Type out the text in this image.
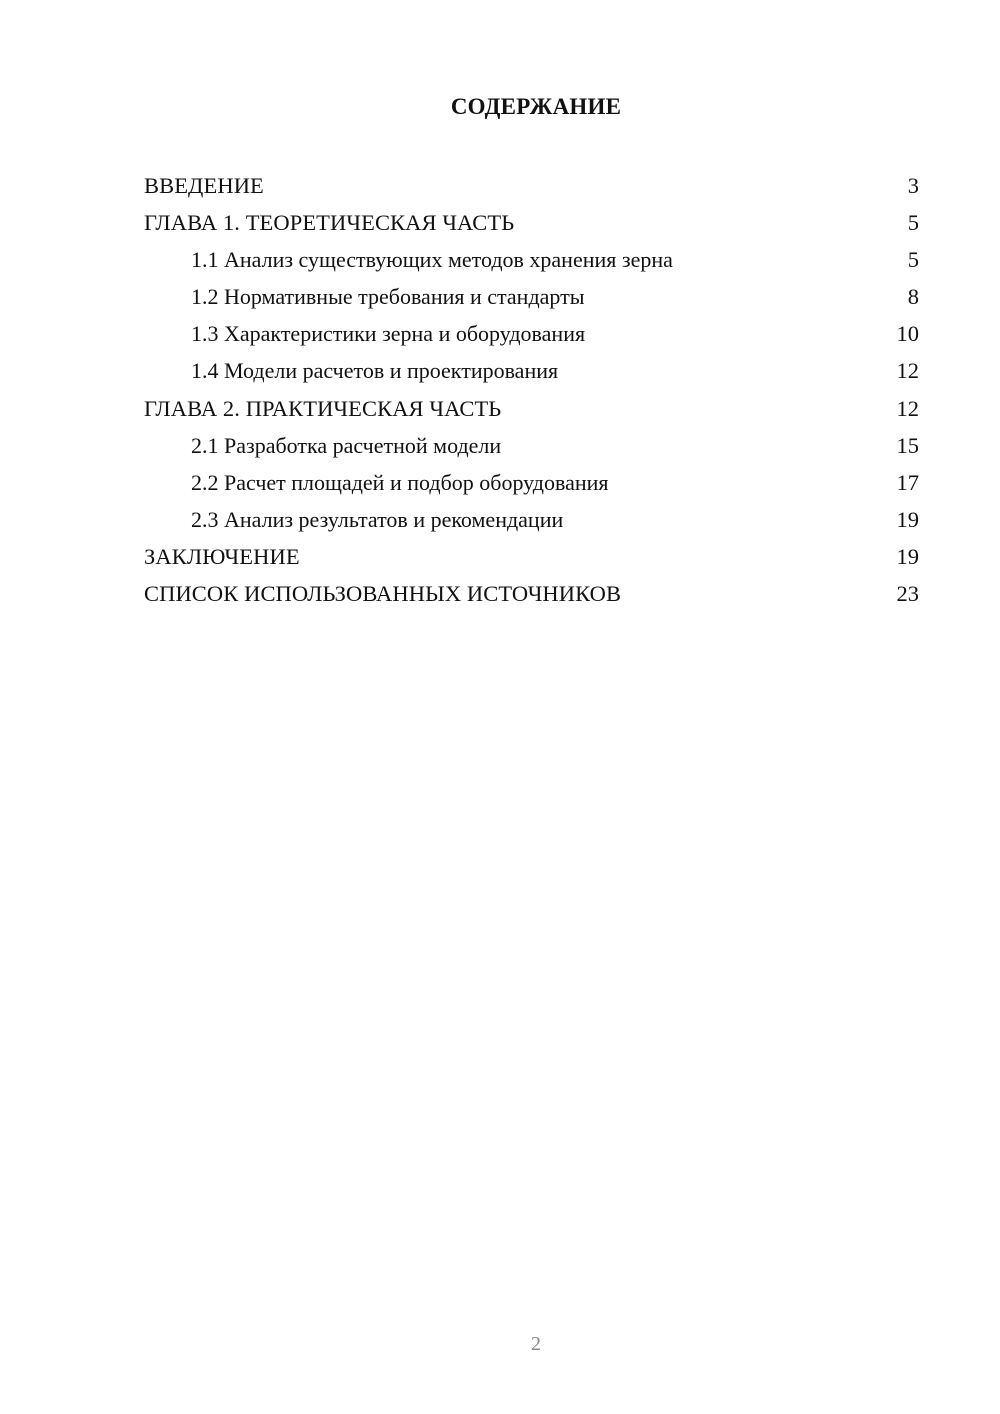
СОДЕРЖАНИЕ
ВВЕДЕНИЕ	3
ГЛАВА 1. ТЕОРЕТИЧЕСКАЯ ЧАСТЬ	5
1.1 Анализ существующих методов хранения зерна	5
1.2 Нормативные требования и стандарты	8
1.3 Характеристики зерна и оборудования	10
1.4 Модели расчетов и проектирования	12
ГЛАВА 2. ПРАКТИЧЕСКАЯ ЧАСТЬ	12
2.1 Разработка расчетной модели	15
2.2 Расчет площадей и подбор оборудования	17
2.3 Анализ результатов и рекомендации	19
ЗАКЛЮЧЕНИЕ	19
СПИСОК ИСПОЛЬЗОВАННЫХ ИСТОЧНИКОВ	23
2
